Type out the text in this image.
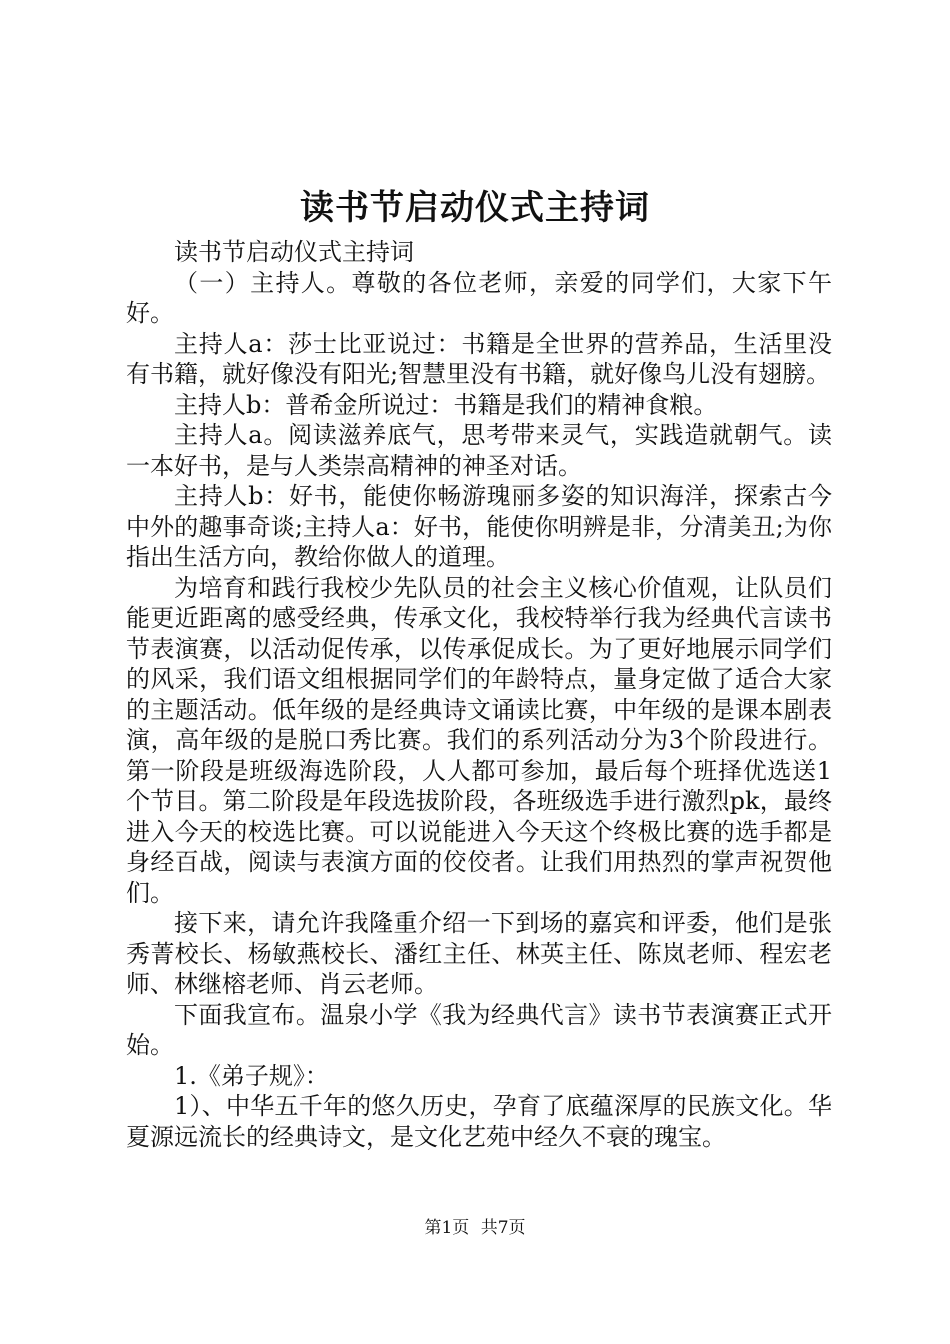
读书节启动仪式主持词

读书节启动仪式主持词

（一）主持人。尊敬的各位老师，亲爱的同学们，大家下午好。

主持人a：莎士比亚说过：书籍是全世界的营养品，生活里没有书籍，就好像没有阳光;智慧里没有书籍，就好像鸟儿没有翅膀。

主持人b：普希金所说过：书籍是我们的精神食粮。

主持人a。阅读滋养底气，思考带来灵气，实践造就朝气。读一本好书，是与人类崇高精神的神圣对话。

主持人b：好书，能使你畅游瑰丽多姿的知识海洋，探索古今中外的趣事奇谈;主持人a：好书，能使你明辨是非，分清美丑;为你指出生活方向，教给你做人的道理。

为培育和践行我校少先队员的社会主义核心价值观，让队员们能更近距离的感受经典，传承文化，我校特举行我为经典代言读书节表演赛，以活动促传承，以传承促成长。为了更好地展示同学们的风采，我们语文组根据同学们的年龄特点，量身定做了适合大家的主题活动。低年级的是经典诗文诵读比赛，中年级的是课本剧表演，高年级的是脱口秀比赛。我们的系列活动分为3个阶段进行。第一阶段是班级海选阶段，人人都可参加，最后每个班择优选送1个节目。第二阶段是年段选拔阶段，各班级选手进行激烈pk，最终进入今天的校选比赛。可以说能进入今天这个终极比赛的选手都是身经百战，阅读与表演方面的佼佼者。让我们用热烈的掌声祝贺他们。

接下来，请允许我隆重介绍一下到场的嘉宾和评委，他们是张秀菁校长、杨敏燕校长、潘红主任、林英主任、陈岚老师、程宏老师、林继榕老师、肖云老师。

下面我宣布。温泉小学《我为经典代言》读书节表演赛正式开始。

1.《弟子规》：

1）、中华五千年的悠久历史，孕育了底蕴深厚的民族文化。华夏源远流长的经典诗文，是文化艺苑中经久不衰的瑰宝。

第1页 共7页
